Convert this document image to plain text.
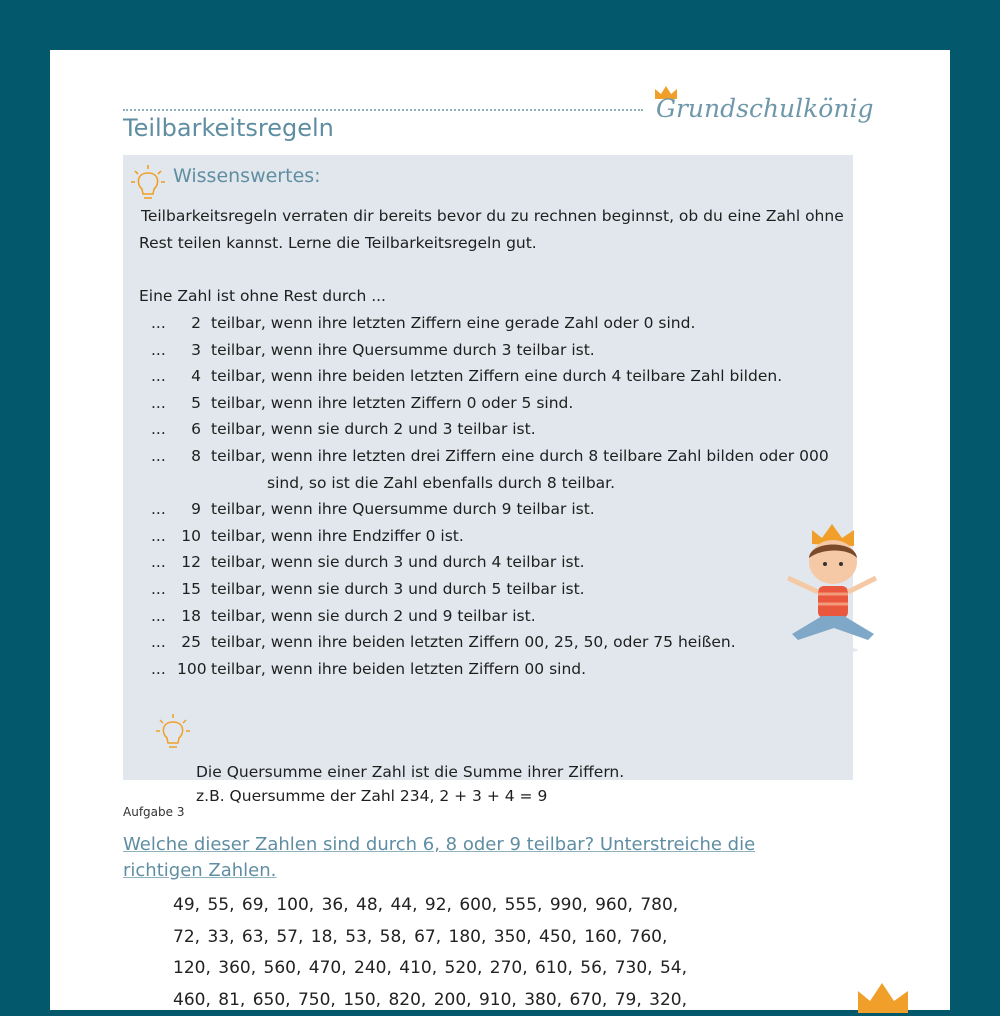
Grundschulkönig
Teilbarkeitsregeln
Wissenswertes:
Teilbarkeitsregeln verraten dir bereits bevor du zu rechnen beginnst, ob du eine Zahl ohne
Rest teilen kannst. Lerne die Teilbarkeitsregeln gut.
Eine Zahl ist ohne Rest durch ...
...	2 teilbar, wenn ihre letzten Ziffern eine gerade Zahl oder 0 sind.
...	3 teilbar, wenn ihre Quersumme durch 3 teilbar ist.
...	4 teilbar, wenn ihre beiden letzten Ziffern eine durch 4 teilbare Zahl bilden.
...	5 teilbar, wenn ihre letzten Ziffern 0 oder 5 sind.
...	6 teilbar, wenn sie durch 2 und 3 teilbar ist.
...	8 teilbar, wenn ihre letzten drei Ziffern eine durch 8 teilbare Zahl bilden oder 000
sind, so ist die Zahl ebenfalls durch 8 teilbar.
...	9 teilbar, wenn ihre Quersumme durch 9 teilbar ist.
... 10 teilbar, wenn ihre Endziffer 0 ist.
... 12 teilbar, wenn sie durch 3 und durch 4 teilbar ist.
... 15 teilbar, wenn sie durch 3 und durch 5 teilbar ist.
... 18 teilbar, wenn sie durch 2 und 9 teilbar ist.
... 25 teilbar, wenn ihre beiden letzten Ziffern 00, 25, 50, oder 75 heißen.
... 100 teilbar, wenn ihre beiden letzten Ziffern 00 sind.
Die Quersumme einer Zahl ist die Summe ihrer Ziffern.
z.B. Quersumme der Zahl 234, 2 + 3 + 4 = 9
Aufgabe 3
Welche dieser Zahlen sind durch 6, 8 oder 9 teilbar? Unterstreiche die richtigen Zahlen.
49, 55, 69, 100, 36, 48, 44, 92, 600, 555, 990, 960, 780,
72, 33, 63, 57, 18, 53, 58, 67, 180, 350, 450, 160, 760,
120, 360, 560, 470, 240, 410, 520, 270, 610, 56, 730, 54,
460, 81, 650, 750, 150, 820, 200, 910, 380, 670, 79, 320,
